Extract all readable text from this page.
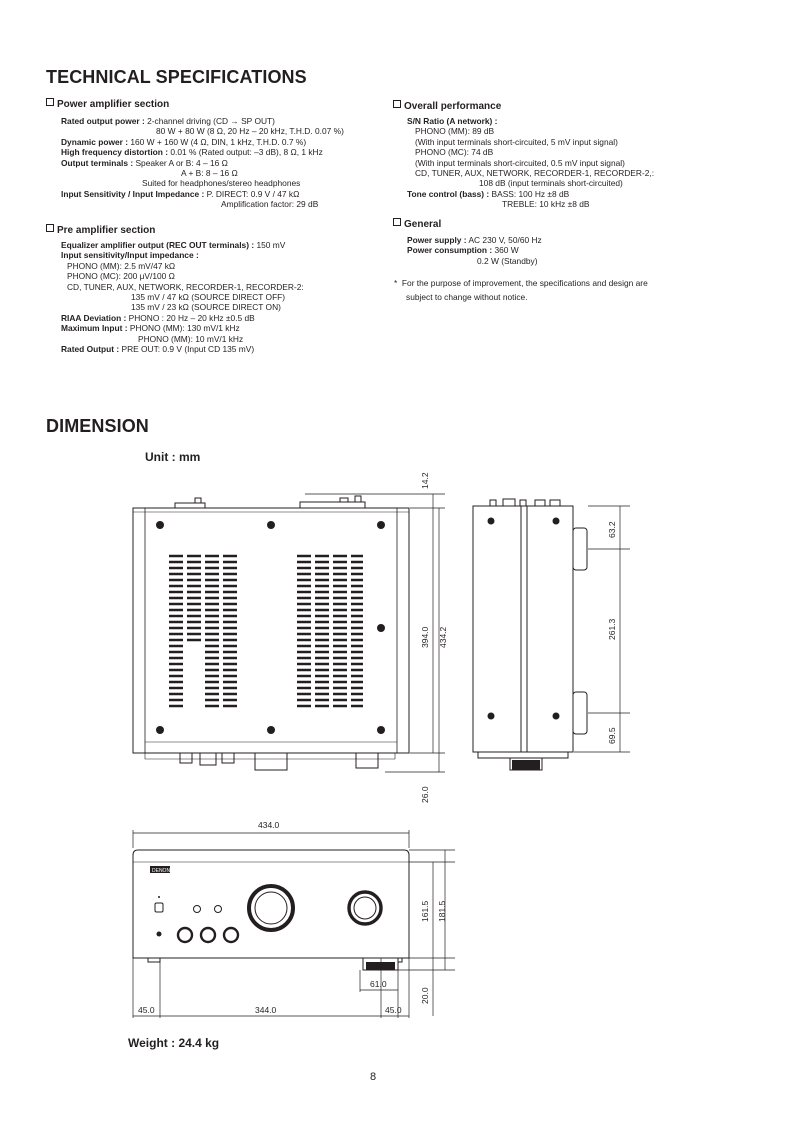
TECHNICAL SPECIFICATIONS
Power amplifier section
Rated output power : 2-channel driving (CD → SP OUT)
80 W + 80 W (8 Ω, 20 Hz – 20 kHz, T.H.D. 0.07 %)
Dynamic power : 160 W + 160 W (4 Ω, DIN, 1 kHz, T.H.D. 0.7 %)
High frequency distortion : 0.01 % (Rated output: –3 dB), 8 Ω, 1 kHz
Output terminals : Speaker A or B: 4 – 16 Ω
A + B: 8 – 16 Ω
Suited for headphones/stereo headphones
Input Sensitivity / Input Impedance : P. DIRECT: 0.9 V / 47 kΩ
Amplification factor: 29 dB
Pre amplifier section
Equalizer amplifier output (REC OUT terminals) : 150 mV
Input sensitivity/Input impedance :
PHONO (MM): 2.5 mV/47 kΩ
PHONO (MC): 200 μV/100 Ω
CD, TUNER, AUX, NETWORK, RECORDER-1, RECORDER-2:
135 mV / 47 kΩ (SOURCE DIRECT OFF)
135 mV / 23 kΩ (SOURCE DIRECT ON)
RIAA Deviation : PHONO : 20 Hz – 20 kHz ±0.5 dB
Maximum Input : PHONO (MM): 130 mV/1 kHz
PHONO (MM): 10 mV/1 kHz
Rated Output : PRE OUT: 0.9 V (Input CD 135 mV)
Overall performance
S/N Ratio (A network) :
PHONO (MM): 89 dB
(With input terminals short-circuited, 5 mV input signal)
PHONO (MC): 74 dB
(With input terminals short-circuited, 0.5 mV input signal)
CD, TUNER, AUX, NETWORK, RECORDER-1, RECORDER-2,:
108 dB (input terminals short-circuited)
Tone control (bass) : BASS: 100 Hz ±8 dB
TREBLE: 10 kHz ±8 dB
General
Power supply : AC 230 V, 50/60 Hz
Power consumption : 360 W
0.2 W (Standby)
* For the purpose of improvement, the specifications and design are
subject to change without notice.
DIMENSION
Unit : mm
14.2
394.0 434.2
26.0
63.2
261.3
69.5
434.0
161.5 181.5
61.0
20.0
45.0	344.0	45.0
DENON
Weight : 24.4 kg
8
